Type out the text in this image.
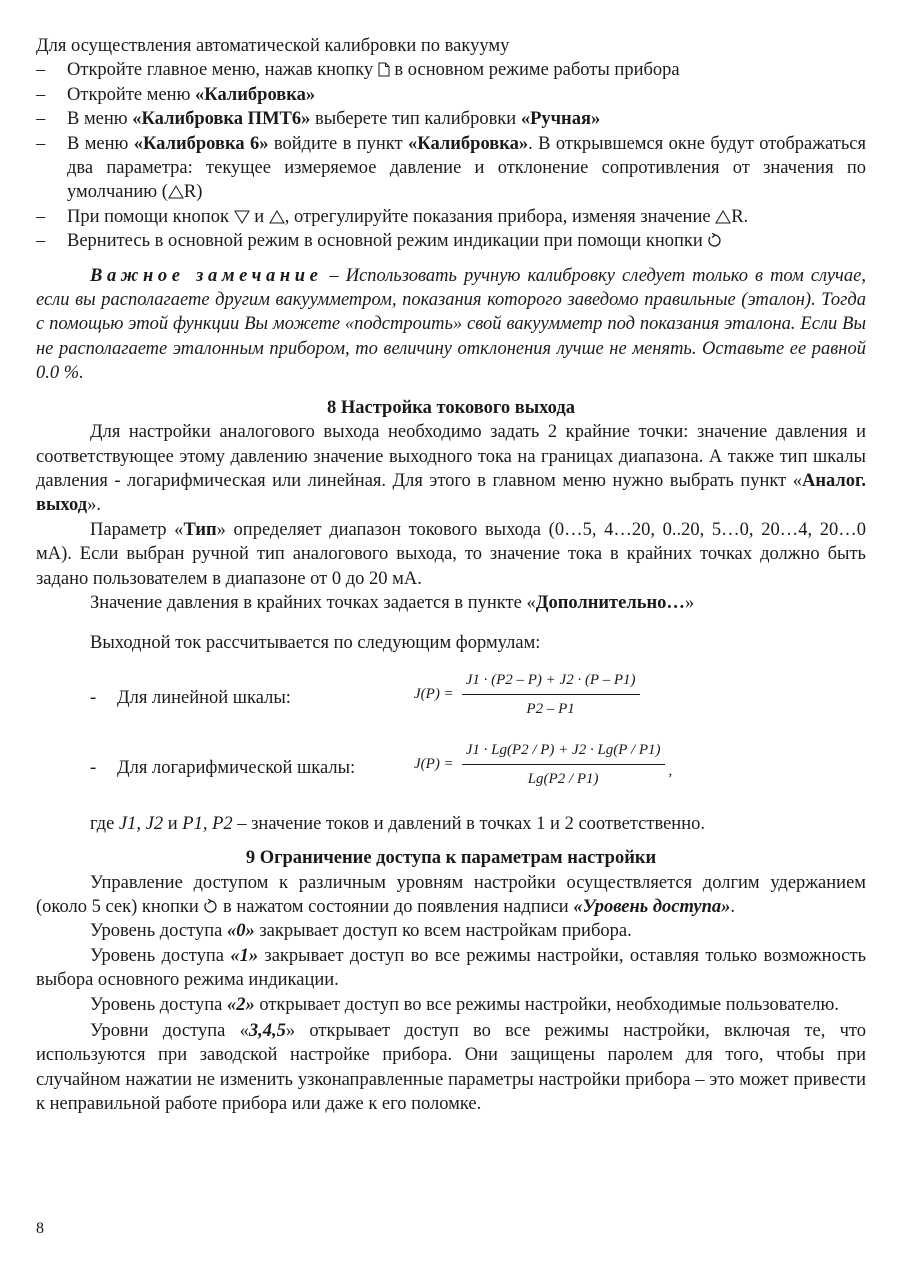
Для осуществления автоматической калибровки по вакууму

–	Откройте главное меню, нажав кнопку в основном режиме работы прибора
–	Откройте меню «Калибровка»
–	В меню «Калибровка ПМТ6» выберете тип калибровки «Ручная»
–	В меню «Калибровка 6» войдите в пункт «Калибровка». В открывшемся окне будут отображаться два параметра: текущее измеряемое давление и отклонение сопротивления от значения по умолчанию ( R)
–	При помощи кнопок и , отрегулируйте показания прибора, изменяя значение R.
–	Вернитесь в основной режим в основной режим индикации при помощи кнопки

Важное замечание – Использовать ручную калибровку следует только в том случае, если вы располагаете другим вакуумметром, показания которого заведомо правильные (эталон). Тогда с помощью этой функции Вы можете «подстроить» свой вакуумметр под показания эталона. Если Вы не располагаете эталонным прибором, то величину отклонения лучше не менять. Оставьте ее равной 0.0 %.

8 Настройка токового выхода

Для настройки аналогового выхода необходимо задать 2 крайние точки: значение давления и соответствующее этому давлению значение выходного тока на границах диапазона. А также тип шкалы давления - логарифмическая или линейная. Для этого в главном меню нужно выбрать пункт «Аналог. выход».

Параметр «Тип» определяет диапазон токового выхода (0…5, 4…20, 0..20, 5…0, 20…4, 20…0 мА). Если выбран ручной тип аналогового выхода, то значение тока в крайних точках должно быть задано пользователем в диапазоне от 0 до 20 мА.

Значение давления в крайних точках задается в пункте «Дополнительно…»

Выходной ток рассчитывается по следующим формулам:

- Для линейной шкалы:	$J(P) = \frac{J1 \cdot (P2 - P) + J2 \cdot (P - P1)}{P2 - P1}$
- Для логарифмической шкалы:	$J(P) = \frac{J1 \cdot Lg(P2 / P) + J2 \cdot Lg(P / P1)}{Lg(P2 / P1)}$ ,

где J1, J2 и P1, P2 – значение токов и давлений в точках 1 и 2 соответственно.

9 Ограничение доступа к параметрам настройки

Управление доступом к различным уровням настройки осуществляется долгим удержанием (около 5 сек) кнопки  в нажатом состоянии до появления надписи «Уровень доступа».

Уровень доступа «0» закрывает доступ ко всем настройкам прибора.

Уровень доступа «1» закрывает доступ во все режимы настройки, оставляя только возможность выбора основного режима индикации.

Уровень доступа «2» открывает доступ во все режимы настройки, необходимые пользователю.

Уровни доступа «3,4,5» открывает доступ во все режимы настройки, включая те, что используются при заводской настройке прибора. Они защищены паролем для того, чтобы при случайном нажатии не изменить узконаправленные параметры настройки прибора – это может привести к неправильной работе прибора или даже к его поломке.

8
